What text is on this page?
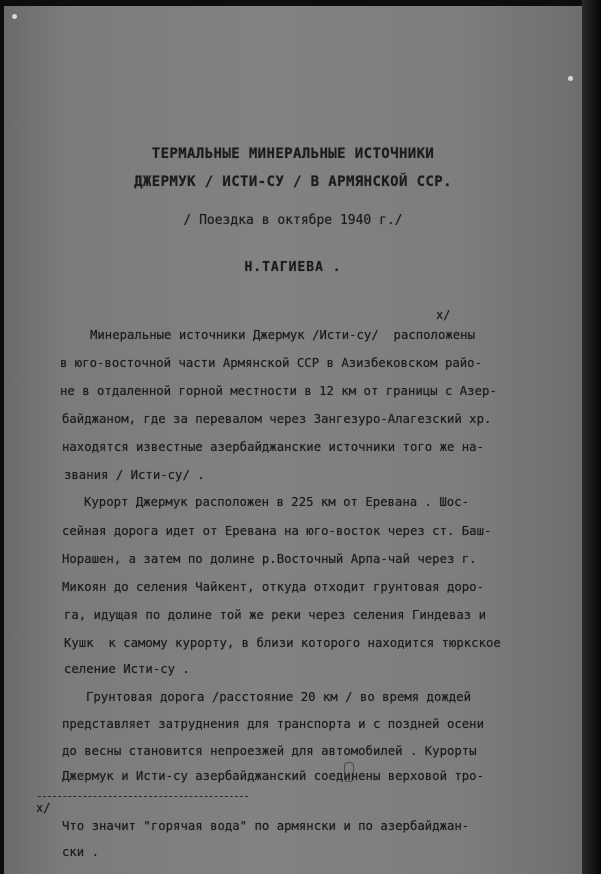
ТЕРМАЛЬНЫЕ МИНЕРАЛЬНЫЕ ИСТОЧНИКИ
ДЖЕРМУК / ИСТИ-СУ / В АРМЯНСКОЙ ССР.
/ Поездка в октябре 1940 г./
Н.ТАГИЕВА .
x/
Минеральные источники Джермук /Исти-су/  расположены
в юго-восточной части Армянской ССР в Азизбековском райо-
не в отдаленной горной местности в 12 км от границы с Азер-
байджаном, где за перевалом через Зангезуро-Алагезский хр.
находятся известные азербайджанские источники того же на-
звания / Исти-су/ .
Курорт Джермук расположен в 225 км от Еревана . Шос-
сейная дорога идет от Еревана на юго-восток через ст. Баш-
Норашен, а затем по долине р.Восточный Арпа-чай через г.
Микоян до селения Чайкент, откуда отходит грунтовая доро-
га, идущая по долине той же реки через селения Гиндеваз и
Кушк  к самому курорту, в близи которого находится тюркское
селение Исти-су .
Грунтовая дорога /расстояние 20 км / во время дождей
представляет затруднения для транспорта и с поздней осени
до весны становится непроезжей для автомобилей . Курорты
Джермук и Исти-су азербайджанский соединены верховой тро-
x/
Что значит "горячая вода" по армянски и по азербайджан-
ски .
